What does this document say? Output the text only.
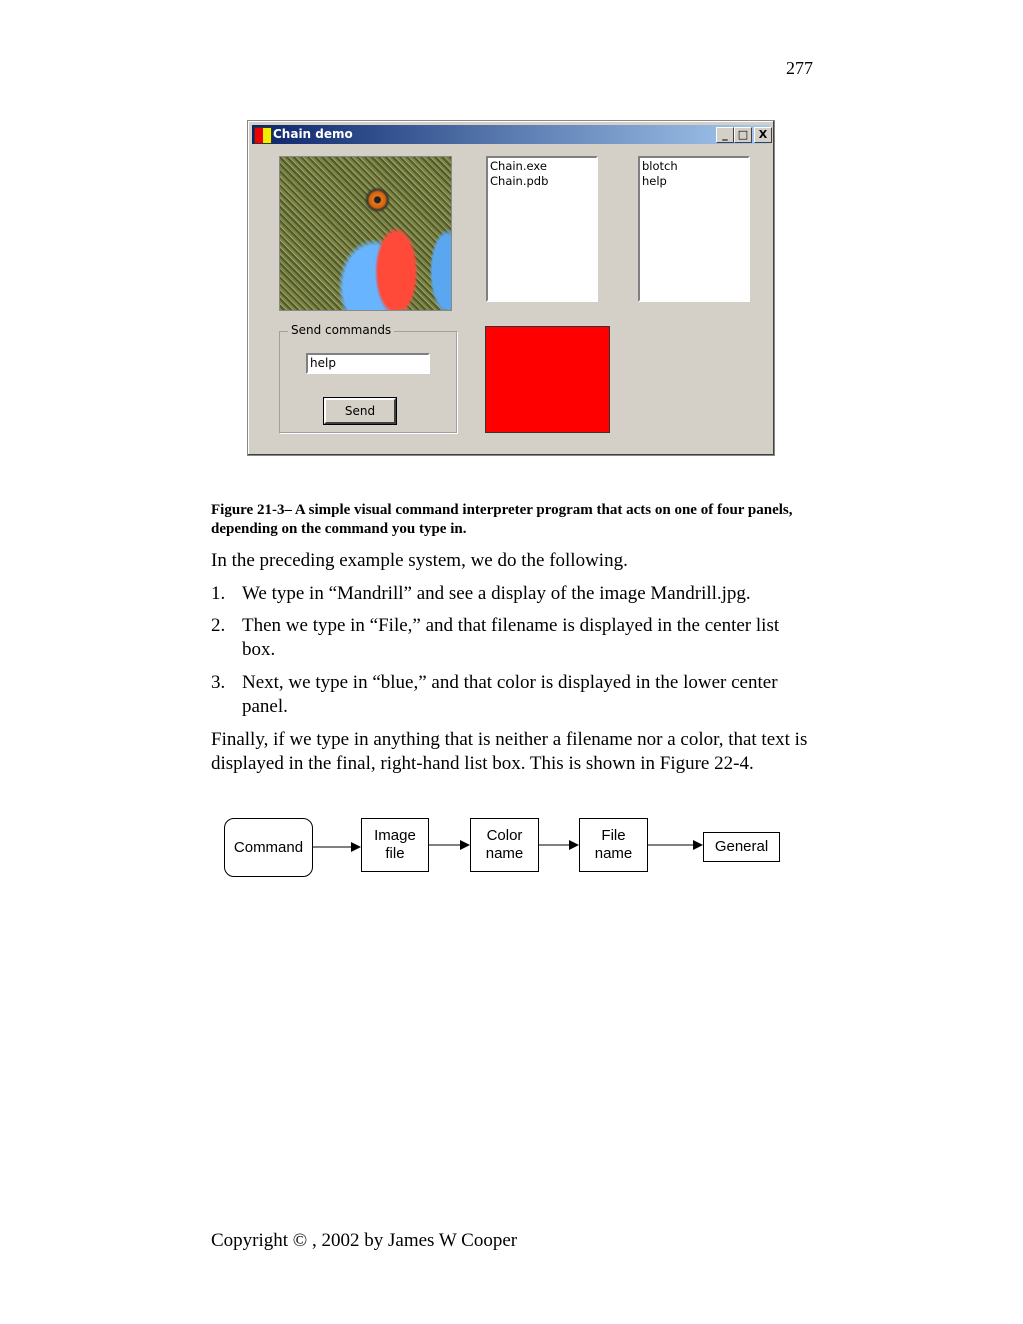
277
Chain demo	_ □ X
Chain.exe
Chain.pdb
blotch
help
Send commands
help
Send
Figure 21-3– A simple visual command interpreter program that acts on one of four panels, depending on the command you type in.
In the preceding example system, we do the following.
1. We type in “Mandrill” and see a display of the image Mandrill.jpg.
2. Then we type in “File,” and that filename is displayed in the center list box.
3. Next, we type in “blue,” and that color is displayed in the lower center panel.
Finally, if we type in anything that is neither a filename nor a color, that text is displayed in the final, right-hand list box. This is shown in Figure 22-4.
Command
Image
file
Color
name
File
name	General
Copyright © , 2002 by James W Cooper
